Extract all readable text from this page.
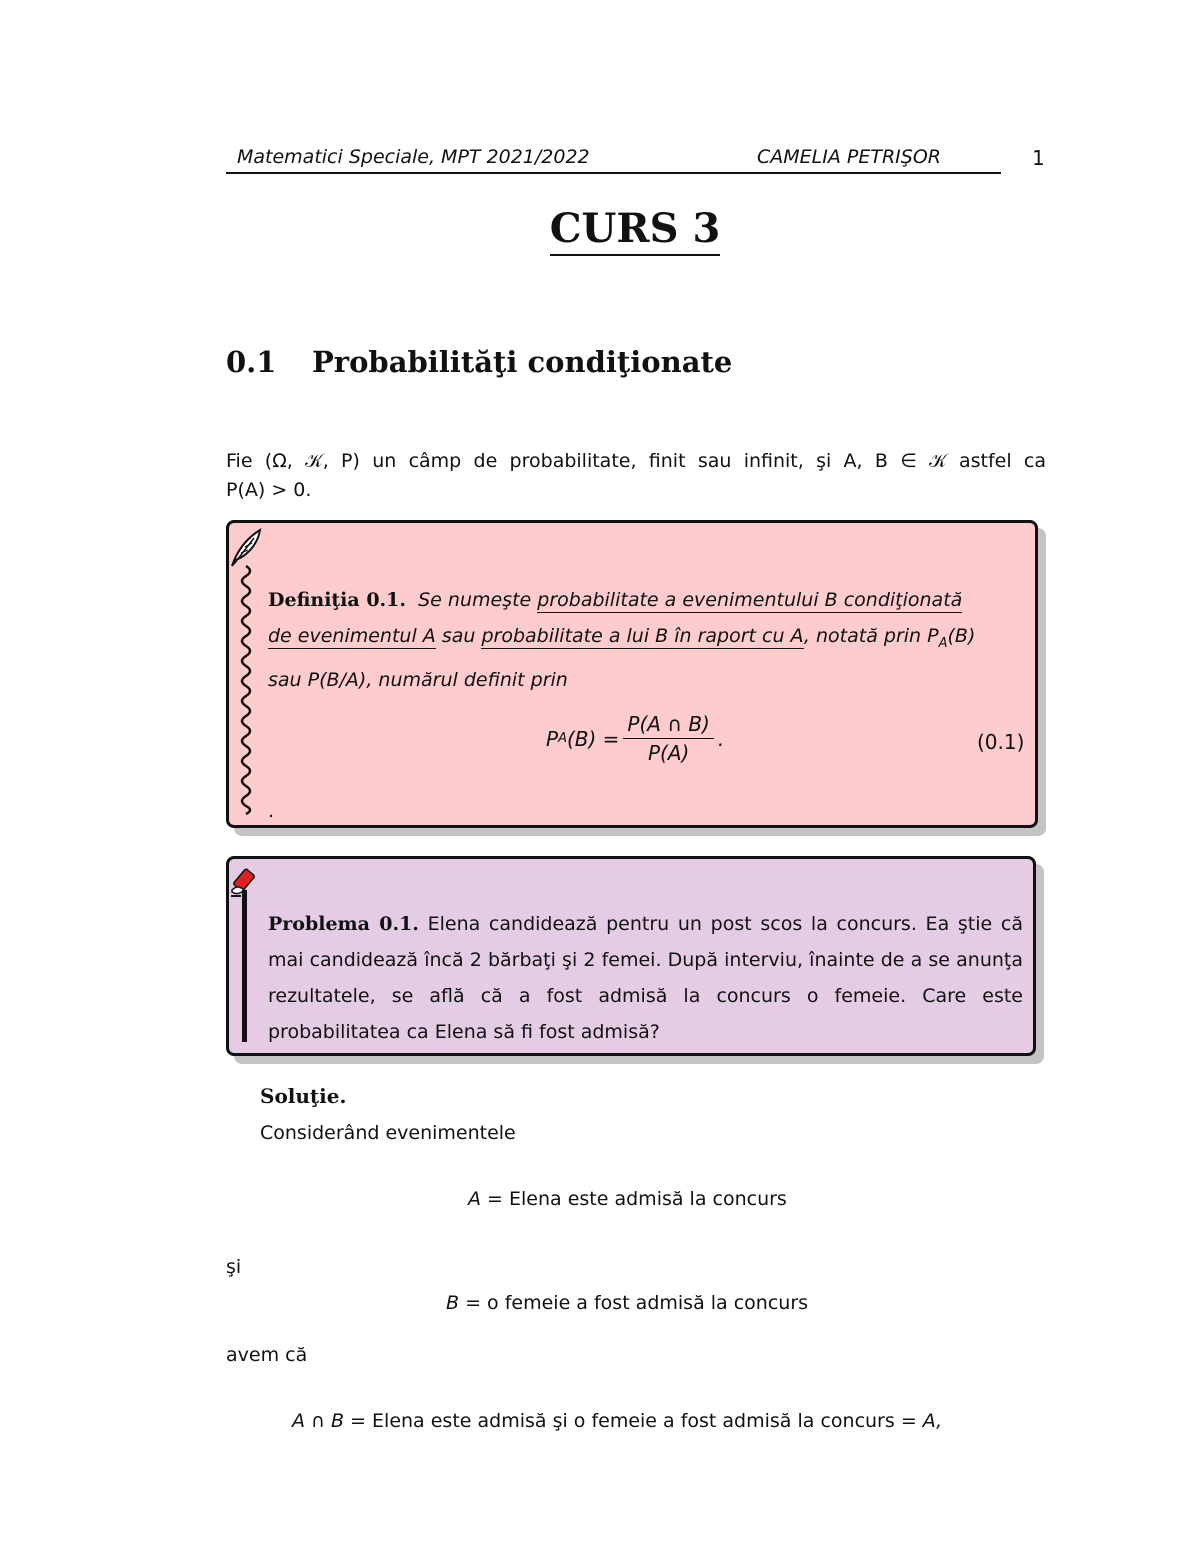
Matematici Speciale, MPT 2021/2022	CAMELIA PETRIŞOR	1
CURS 3
0.1 Probabilităţi condiţionate
Fie (Ω, 𝒦, P) un câmp de probabilitate, finit sau infinit, şi A, B ∈ 𝒦 astfel ca
P(A) > 0.
Definiţia 0.1. Se numeşte probabilitate a evenimentului B condiţionată
de evenimentul A sau probabilitate a lui B în raport cu A, notată prin $P_A(B)$
sau P(B/A), numărul definit prin
P A $(B) = \frac{P(A \cap B)}{P(A)}$ .	(0.1)
.
Problema 0.1. Elena candidează pentru un post scos la concurs. Ea ştie că mai candidează încă 2 bărbaţi şi 2 femei. După interviu, înainte de a se anunţa rezultatele, se află că a fost admisă la concurs o femeie. Care este probabilitatea ca Elena să fi fost admisă?
Soluţie.
Considerând evenimentele
A = Elena este admisă la concurs
şi
B = o femeie a fost admisă la concurs
avem că
A ∩ B = Elena este admisă şi o femeie a fost admisă la concurs = A,
